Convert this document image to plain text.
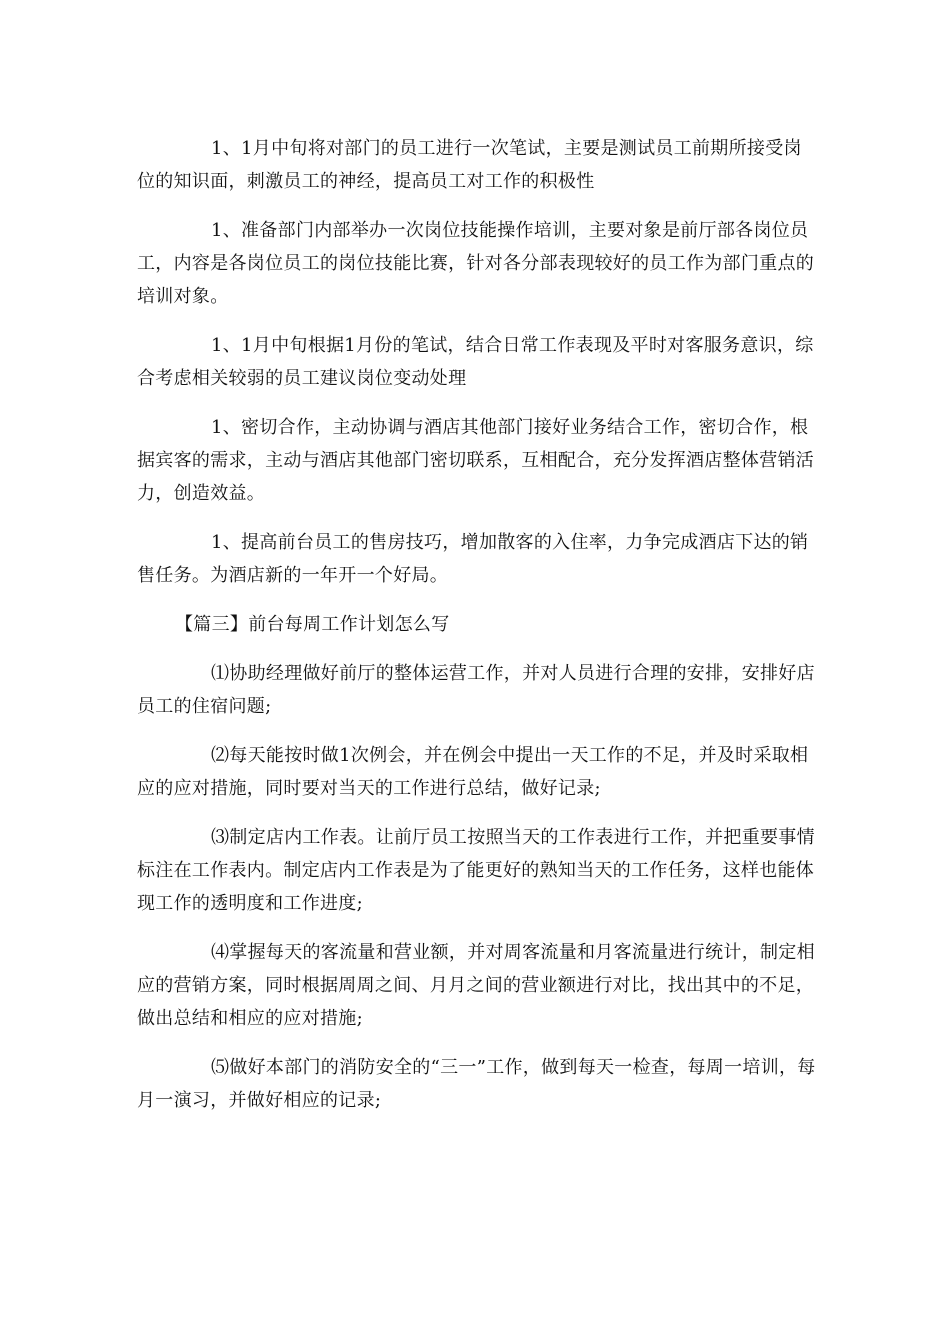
1、1月中旬将对部门的员工进行一次笔试，主要是测试员工前期所接受岗位的知识面，刺激员工的神经，提高员工对工作的积极性

1、准备部门内部举办一次岗位技能操作培训，主要对象是前厅部各岗位员工，内容是各岗位员工的岗位技能比赛，针对各分部表现较好的员工作为部门重点的培训对象。

1、1月中旬根据1月份的笔试，结合日常工作表现及平时对客服务意识，综合考虑相关较弱的员工建议岗位变动处理

1、密切合作，主动协调与酒店其他部门接好业务结合工作，密切合作，根据宾客的需求，主动与酒店其他部门密切联系，互相配合，充分发挥酒店整体营销活力，创造效益。

1、提高前台员工的售房技巧，增加散客的入住率，力争完成酒店下达的销售任务。为酒店新的一年开一个好局。

【篇三】前台每周工作计划怎么写

⑴协助经理做好前厅的整体运营工作，并对人员进行合理的安排，安排好店员工的住宿问题;

⑵每天能按时做1次例会，并在例会中提出一天工作的不足，并及时采取相应的应对措施，同时要对当天的工作进行总结，做好记录;

⑶制定店内工作表。让前厅员工按照当天的工作表进行工作，并把重要事情标注在工作表内。制定店内工作表是为了能更好的熟知当天的工作任务，这样也能体现工作的透明度和工作进度;

⑷掌握每天的客流量和营业额，并对周客流量和月客流量进行统计，制定相应的营销方案，同时根据周周之间、月月之间的营业额进行对比，找出其中的不足，做出总结和相应的应对措施;

⑸做好本部门的消防安全的“三一”工作，做到每天一检查，每周一培训，每月一演习，并做好相应的记录;
